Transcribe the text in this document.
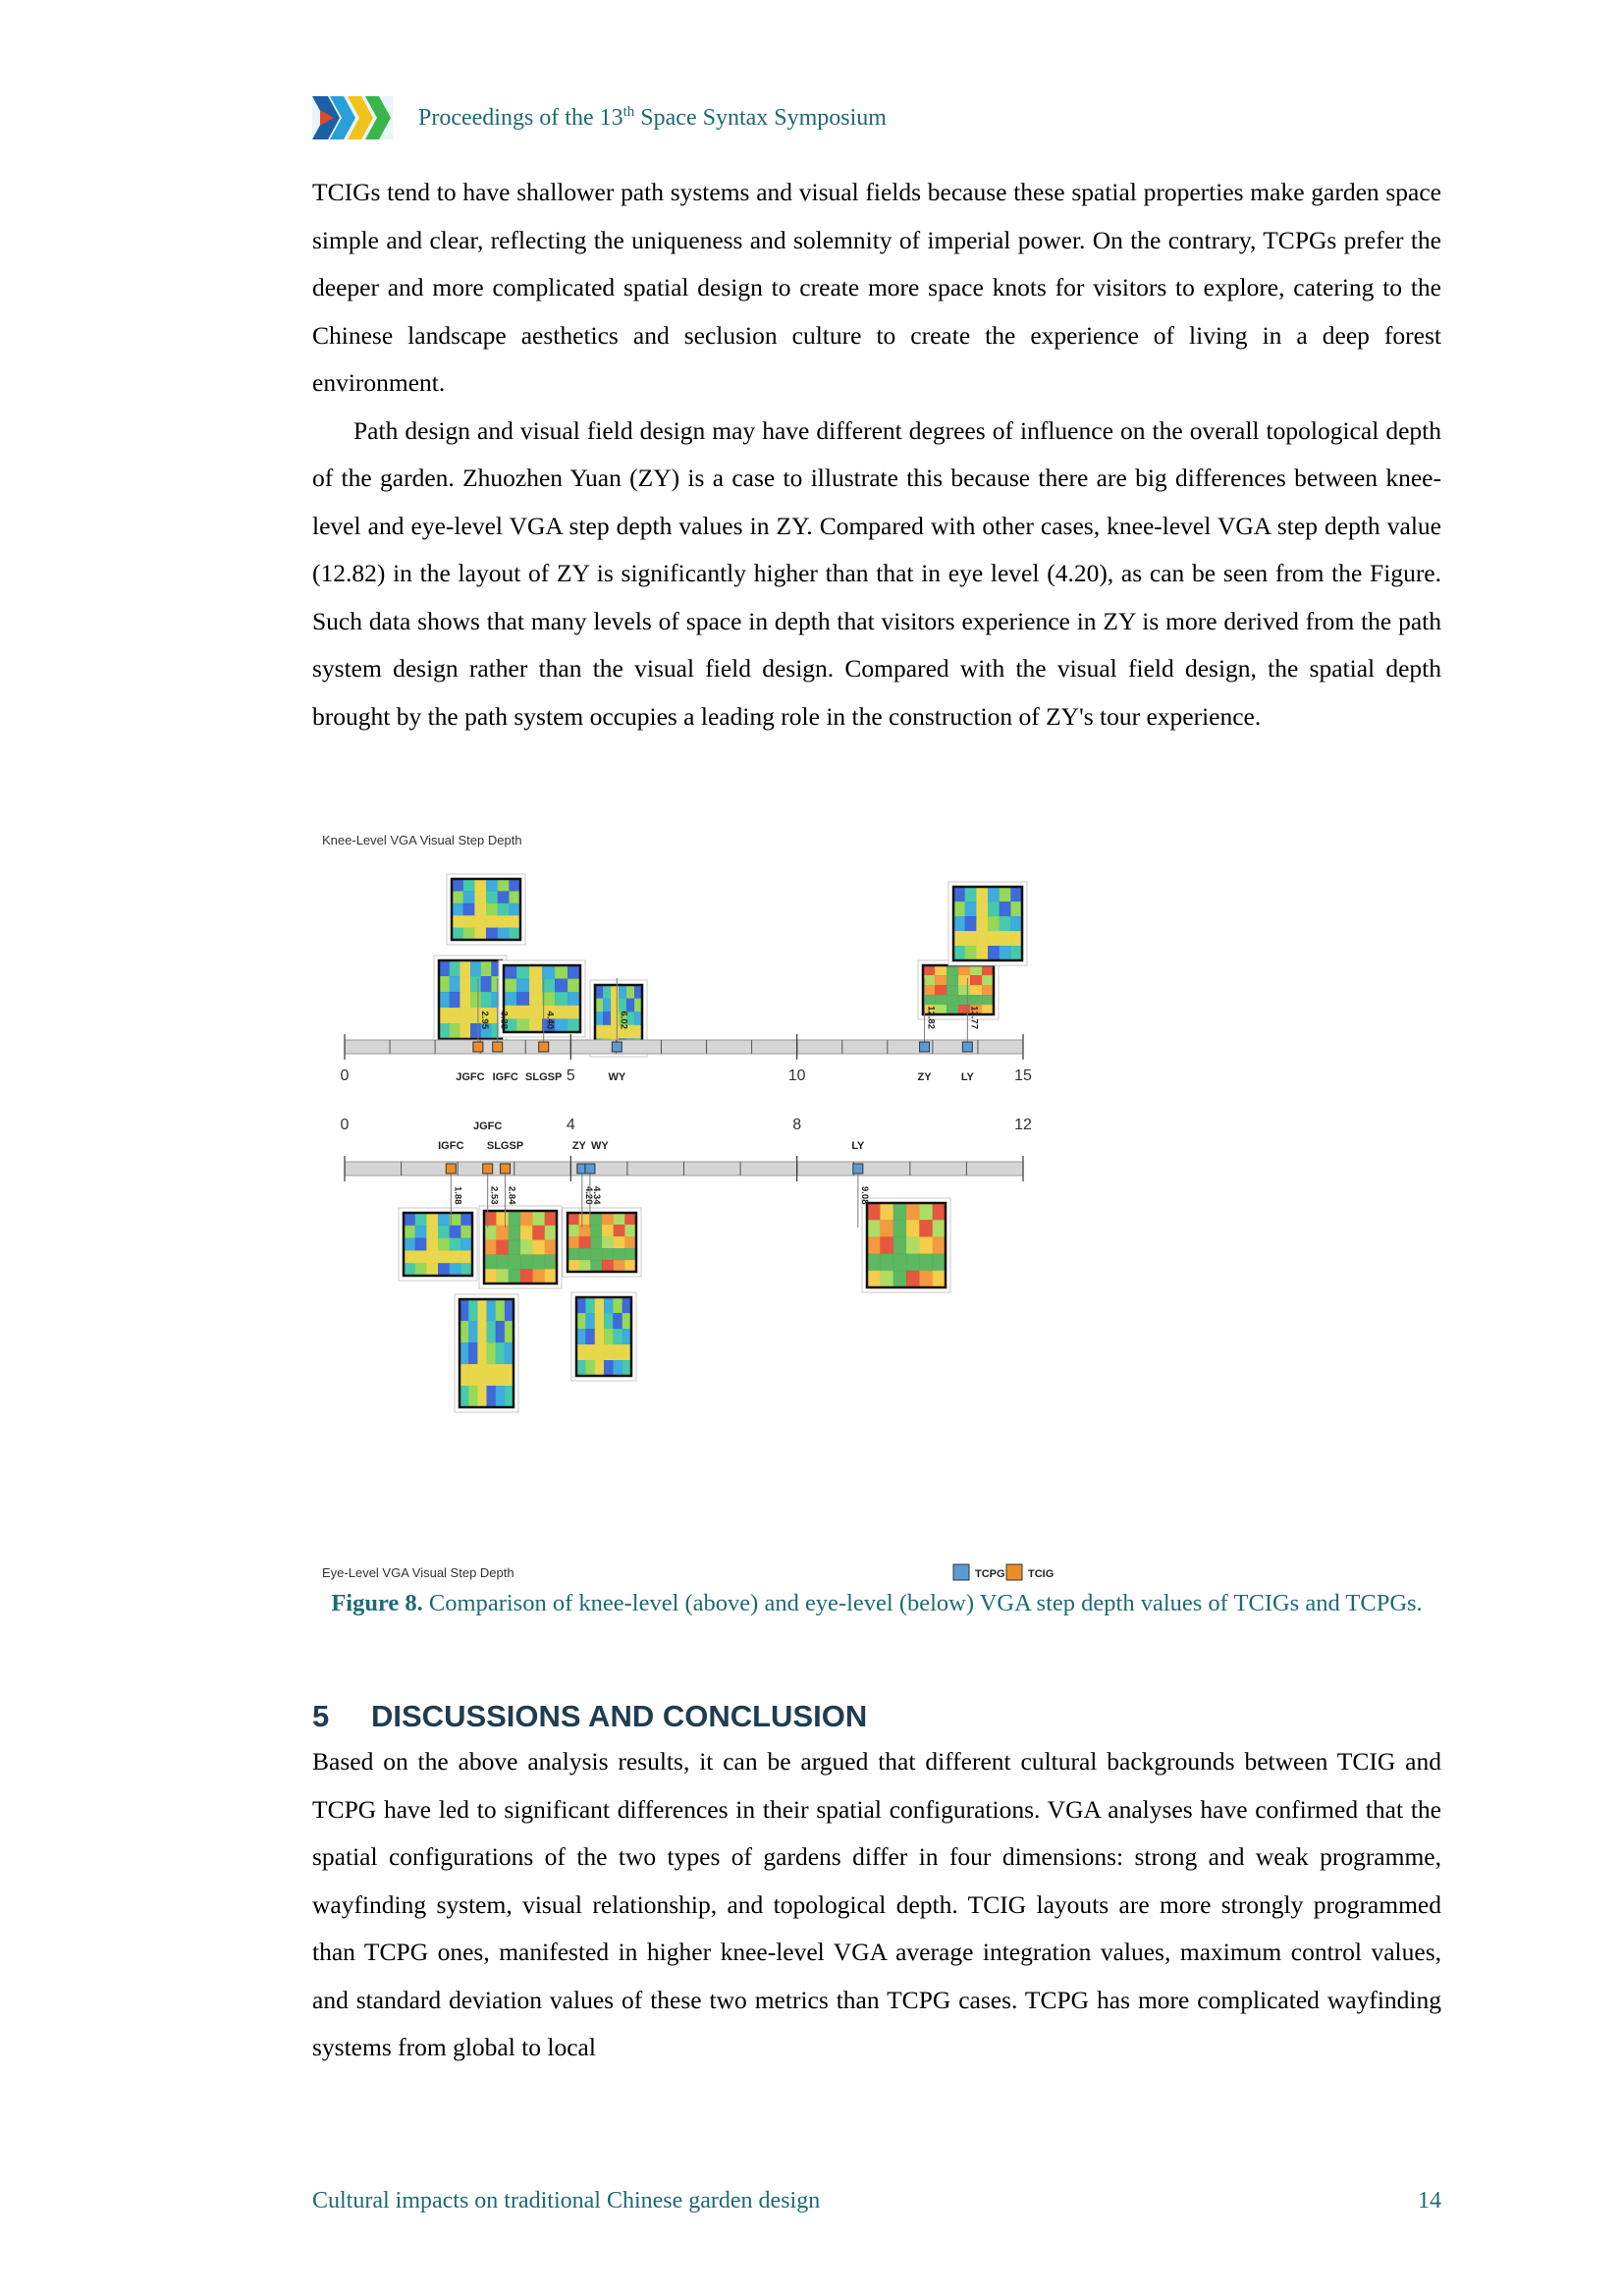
Proceedings of the 13th Space Syntax Symposium

TCIGs tend to have shallower path systems and visual fields because these spatial properties make garden space simple and clear, reflecting the uniqueness and solemnity of imperial power. On the contrary, TCPGs prefer the deeper and more complicated spatial design to create more space knots for visitors to explore, catering to the Chinese landscape aesthetics and seclusion culture to create the experience of living in a deep forest environment.

Path design and visual field design may have different degrees of influence on the overall topological depth of the garden. Zhuozhen Yuan (ZY) is a case to illustrate this because there are big differences between knee-level and eye-level VGA step depth values in ZY. Compared with other cases, knee-level VGA step depth value (12.82) in the layout of ZY is significantly higher than that in eye level (4.20), as can be seen from the Figure. Such data shows that many levels of space in depth that visitors experience in ZY is more derived from the path system design rather than the visual field design. Compared with the visual field design, the spatial depth brought by the path system occupies a leading role in the construction of ZY's tour experience.

Knee-Level VGA Visual Step Depth
0	5	10	15
2.95
JGFC
3.38
IGFC
4.40
SLGSP
6.02
WY
12.82
ZY
13.77
LY
Eye-Level VGA Visual Step Depth
0	4	8	12
1.88
IGFC
2.53
JGFC
2.84
SLGSP
4.20
ZY
4.34
WY
9.08
LY
TCPG TCIG
Figure 8. Comparison of knee-level (above) and eye-level (below) VGA step depth values of TCIGs and TCPGs.
5 DISCUSSIONS AND CONCLUSION

Based on the above analysis results, it can be argued that different cultural backgrounds between TCIG and TCPG have led to significant differences in their spatial configurations. VGA analyses have confirmed that the spatial configurations of the two types of gardens differ in four dimensions: strong and weak programme, wayfinding system, visual relationship, and topological depth. TCIG layouts are more strongly programmed than TCPG ones, manifested in higher knee-level VGA average integration values, maximum control values, and standard deviation values of these two metrics than TCPG cases. TCPG has more complicated wayfinding systems from global to local

Cultural impacts on traditional Chinese garden design	14
